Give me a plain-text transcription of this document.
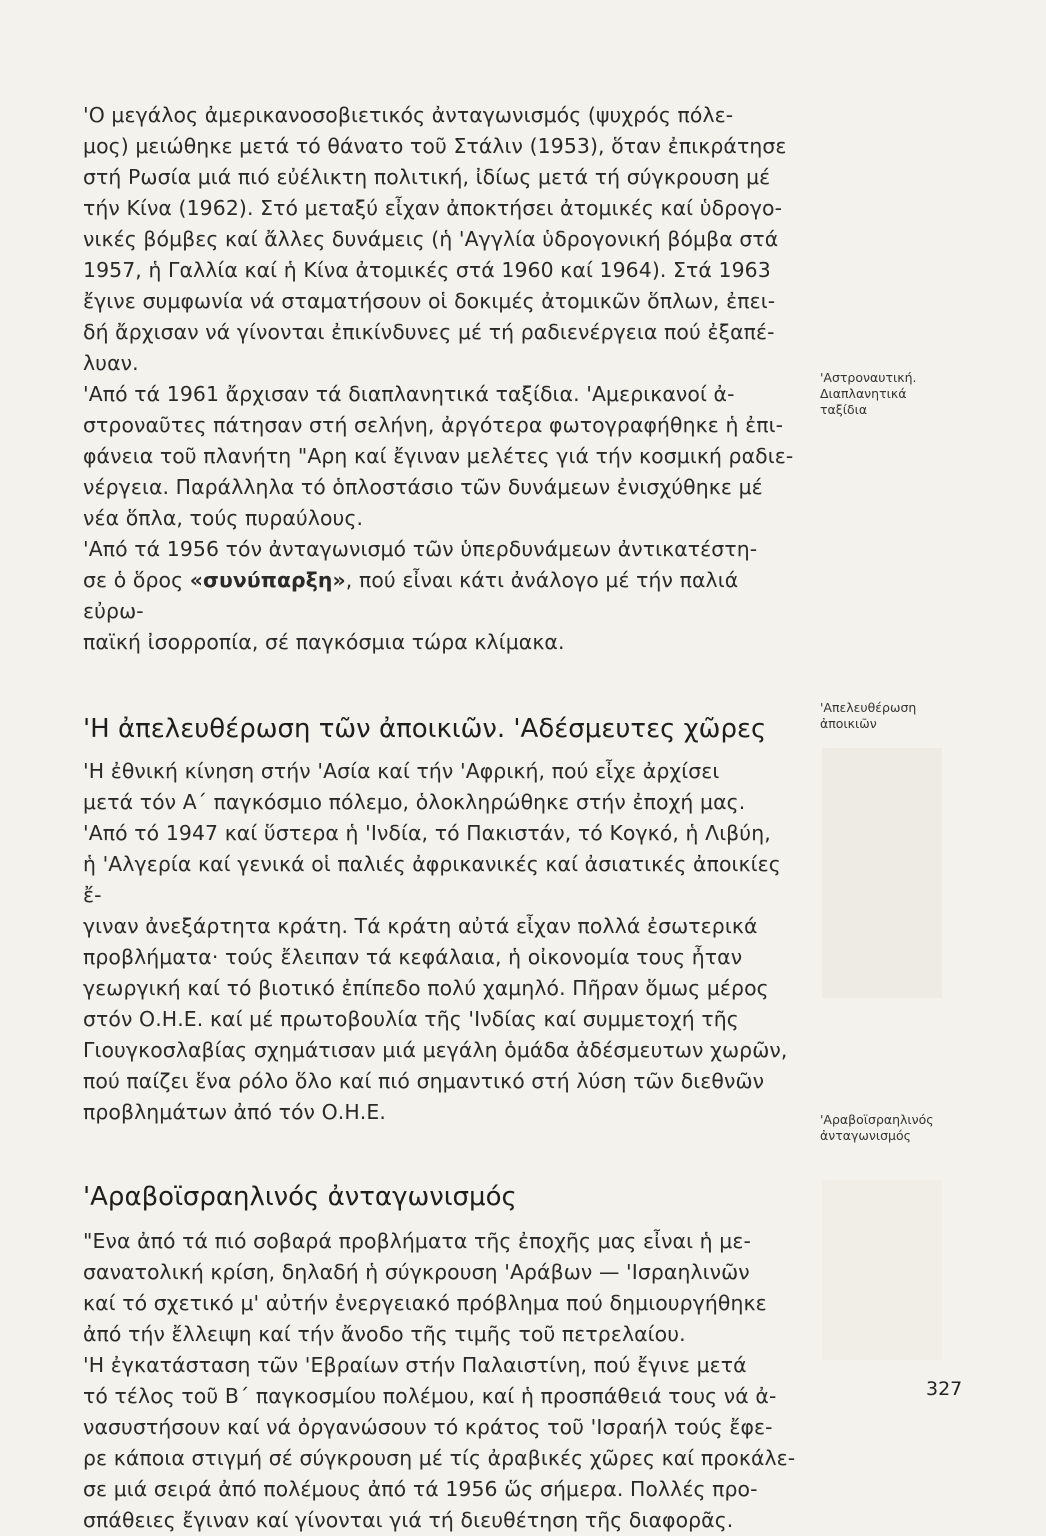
'Ο μεγάλος ἀμερικανοσοβιετικός ἀνταγωνισμός (ψυχρός πόλε-
μος) μειώθηκε μετά τό θάνατο τοῦ Στάλιν (1953), ὅταν ἐπικράτησε
στή Ρωσία μιά πιό εὐέλικτη πολιτική, ἰδίως μετά τή σύγκρουση μέ
τήν Κίνα (1962). Στό μεταξύ εἶχαν ἀποκτήσει ἀτομικές καί ὑδρογο-
νικές βόμβες καί ἄλλες δυνάμεις (ἡ 'Αγγλία ὑδρογονική βόμβα στά
1957, ἡ Γαλλία καί ἡ Κίνα ἀτομικές στά 1960 καί 1964). Στά 1963
ἔγινε συμφωνία νά σταματήσουν οἱ δοκιμές ἀτομικῶν ὅπλων, ἐπει-
δή ἄρχισαν νά γίνονται ἐπικίνδυνες μέ τή ραδιενέργεια πού ἐξαπέ-
λυαν.

'Από τά 1961 ἄρχισαν τά διαπλανητικά ταξίδια. 'Αμερικανοί ἀ-
στροναῦτες πάτησαν στή σελήνη, ἀργότερα φωτογραφήθηκε ἡ ἐπι-
φάνεια τοῦ πλανήτη "Αρη καί ἔγιναν μελέτες γιά τήν κοσμική ραδιε-
νέργεια. Παράλληλα τό ὁπλοστάσιο τῶν δυνάμεων ἐνισχύθηκε μέ
νέα ὅπλα, τούς πυραύλους.

'Από τά 1956 τόν ἀνταγωνισμό τῶν ὑπερδυνάμεων ἀντικατέστη-
σε ὁ ὅρος «συνύπαρξη», πού εἶναι κάτι ἀνάλογο μέ τήν παλιά εὐρω-
παϊκή ἰσορροπία, σέ παγκόσμια τώρα κλίμακα.

'Η ἀπελευθέρωση τῶν ἀποικιῶν. 'Αδέσμευτες χῶρες

'Η ἐθνική κίνηση στήν 'Ασία καί τήν 'Αφρική, πού εἶχε ἀρχίσει
μετά τόν Α΄ παγκόσμιο πόλεμο, ὁλοκληρώθηκε στήν ἐποχή μας.
'Από τό 1947 καί ὕστερα ἡ 'Ινδία, τό Πακιστάν, τό Κογκό, ἡ Λιβύη,
ἡ 'Αλγερία καί γενικά οἱ παλιές ἀφρικανικές καί ἀσιατικές ἀποικίες ἔ-
γιναν ἀνεξάρτητα κράτη. Τά κράτη αὐτά εἶχαν πολλά ἐσωτερικά
προβλήματα· τούς ἔλειπαν τά κεφάλαια, ἡ οἰκονομία τους ἦταν
γεωργική καί τό βιοτικό ἐπίπεδο πολύ χαμηλό. Πῆραν ὅμως μέρος
στόν Ο.Η.Ε. καί μέ πρωτοβουλία τῆς 'Ινδίας καί συμμετοχή τῆς
Γιουγκοσλαβίας σχημάτισαν μιά μεγάλη ὁμάδα ἀδέσμευτων χωρῶν,
πού παίζει ἕνα ρόλο ὅλο καί πιό σημαντικό στή λύση τῶν διεθνῶν
προβλημάτων ἀπό τόν Ο.Η.Ε.

'Αραβοϊσραηλινός ἀνταγωνισμός

"Ενα ἀπό τά πιό σοβαρά προβλήματα τῆς ἐποχῆς μας εἶναι ἡ με-
σανατολική κρίση, δηλαδή ἡ σύγκρουση 'Αράβων — 'Ισραηλινῶν
καί τό σχετικό μ' αὐτήν ἐνεργειακό πρόβλημα πού δημιουργήθηκε
ἀπό τήν ἔλλειψη καί τήν ἄνοδο τῆς τιμῆς τοῦ πετρελαίου.

'Η ἐγκατάσταση τῶν 'Εβραίων στήν Παλαιστίνη, πού ἔγινε μετά
τό τέλος τοῦ Β΄ παγκοσμίου πολέμου, καί ἡ προσπάθειά τους νά ἀ-
νασυστήσουν καί νά ὀργανώσουν τό κράτος τοῦ 'Ισραήλ τούς ἔφε-
ρε κάποια στιγμή σέ σύγκρουση μέ τίς ἀραβικές χῶρες καί προκάλε-
σε μιά σειρά ἀπό πολέμους ἀπό τά 1956 ὥς σήμερα. Πολλές προ-
σπάθειες ἔγιναν καί γίνονται γιά τή διευθέτηση τῆς διαφορᾶς.

'Αστροναυτική.
Διαπλανητικά
ταξίδια
'Απελευθέρωση
ἀποικιῶν
'Αραβοϊσραηλινός
ἀνταγωνισμός
327
